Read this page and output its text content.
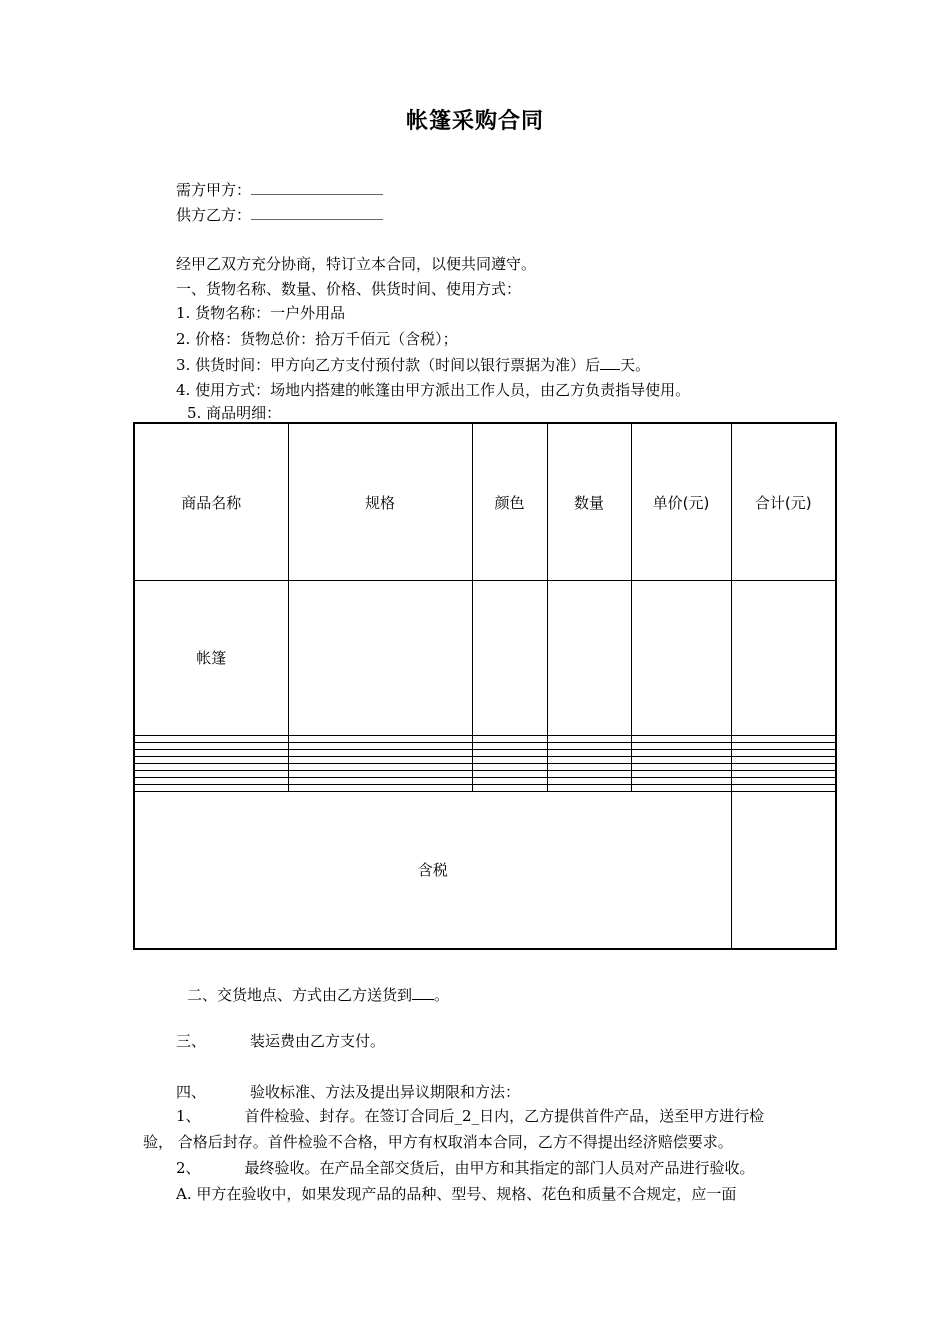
帐篷采购合同
需方甲方：
供方乙方：
经甲乙双方充分协商，特订立本合同，以便共同遵守。
一、货物名称、数量、价格、供货时间、使用方式：
1. 货物名称：一户外用品
2. 价格：货物总价：拾万千佰元（含税）；
3. 供货时间：甲方向乙方支付预付款（时间以银行票据为准）后 天。
4. 使用方式：场地内搭建的帐篷由甲方派出工作人员，由乙方负责指导使用。
5. 商品明细：
商品名称	规格	颜色	数量	单价(元)	合计(元)
帐篷					

含税					
二、交货地点、方式由乙方送货到 。
三、	装运费由乙方支付。
四、	验收标准、方法及提出异议期限和方法：
1、	首件检验、封存。在签订合同后_2_日内，乙方提供首件产品，送至甲方进行检
验， 合格后封存。首件检验不合格，甲方有权取消本合同，乙方不得提出经济赔偿要求。
2、	最终验收。在产品全部交货后，由甲方和其指定的部门人员对产品进行验收。
A. 甲方在验收中，如果发现产品的品种、型号、规格、花色和质量不合规定，应一面
